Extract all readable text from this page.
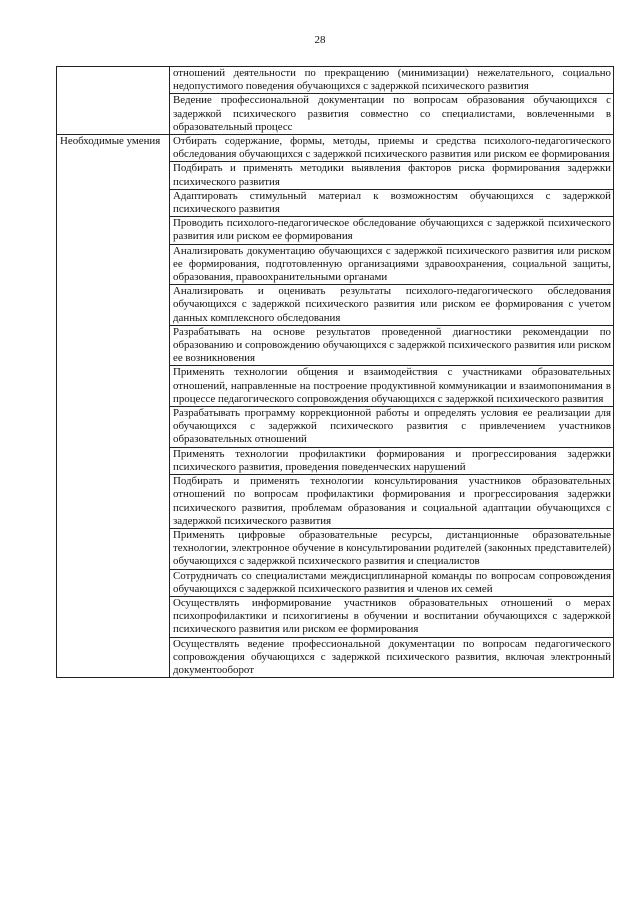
28
	отношений деятельности по прекращению (минимизации) нежелательного, социально недопустимого поведения обучающихся с задержкой психического развития
	Ведение профессиональной документации по вопросам образования обучающихся с задержкой психического развития совместно со специалистами, вовлеченными в образовательный процесс
Необходимые умения	Отбирать содержание, формы, методы, приемы и средства психолого-педагогического обследования обучающихся с задержкой психического развития или риском ее формирования
	Подбирать и применять методики выявления факторов риска формирования задержки психического развития
	Адаптировать стимульный материал к возможностям обучающихся с задержкой психического развития
	Проводить психолого-педагогическое обследование обучающихся с задержкой психического развития или риском ее формирования
	Анализировать документацию обучающихся с задержкой психического развития или риском ее формирования, подготовленную организациями здравоохранения, социальной защиты, образования, правоохранительными органами
	Анализировать и оценивать результаты психолого-педагогического обследования обучающихся с задержкой психического развития или риском ее формирования с учетом данных комплексного обследования
	Разрабатывать на основе результатов проведенной диагностики рекомендации по образованию и сопровождению обучающихся с задержкой психического развития или риском ее возникновения
	Применять технологии общения и взаимодействия с участниками образовательных отношений, направленные на построение продуктивной коммуникации и взаимопонимания в процессе педагогического сопровождения обучающихся с задержкой психического развития
	Разрабатывать программу коррекционной работы и определять условия ее реализации для обучающихся с задержкой психического развития с привлечением участников образовательных отношений
	Применять технологии профилактики формирования и прогрессирования задержки психического развития, проведения поведенческих нарушений
	Подбирать и применять технологии консультирования участников образовательных отношений по вопросам профилактики формирования и прогрессирования задержки психического развития, проблемам образования и социальной адаптации обучающихся с задержкой психического развития
	Применять цифровые образовательные ресурсы, дистанционные образовательные технологии, электронное обучение в консультировании родителей (законных представителей) обучающихся с задержкой психического развития и специалистов
	Сотрудничать со специалистами междисциплинарной команды по вопросам сопровождения обучающихся с задержкой психического развития и членов их семей
	Осуществлять информирование участников образовательных отношений о мерах психопрофилактики и психогигиены в обучении и воспитании обучающихся с задержкой психического развития или риском ее формирования
	Осуществлять ведение профессиональной документации по вопросам педагогического сопровождения обучающихся с задержкой психического развития, включая электронный документооборот
